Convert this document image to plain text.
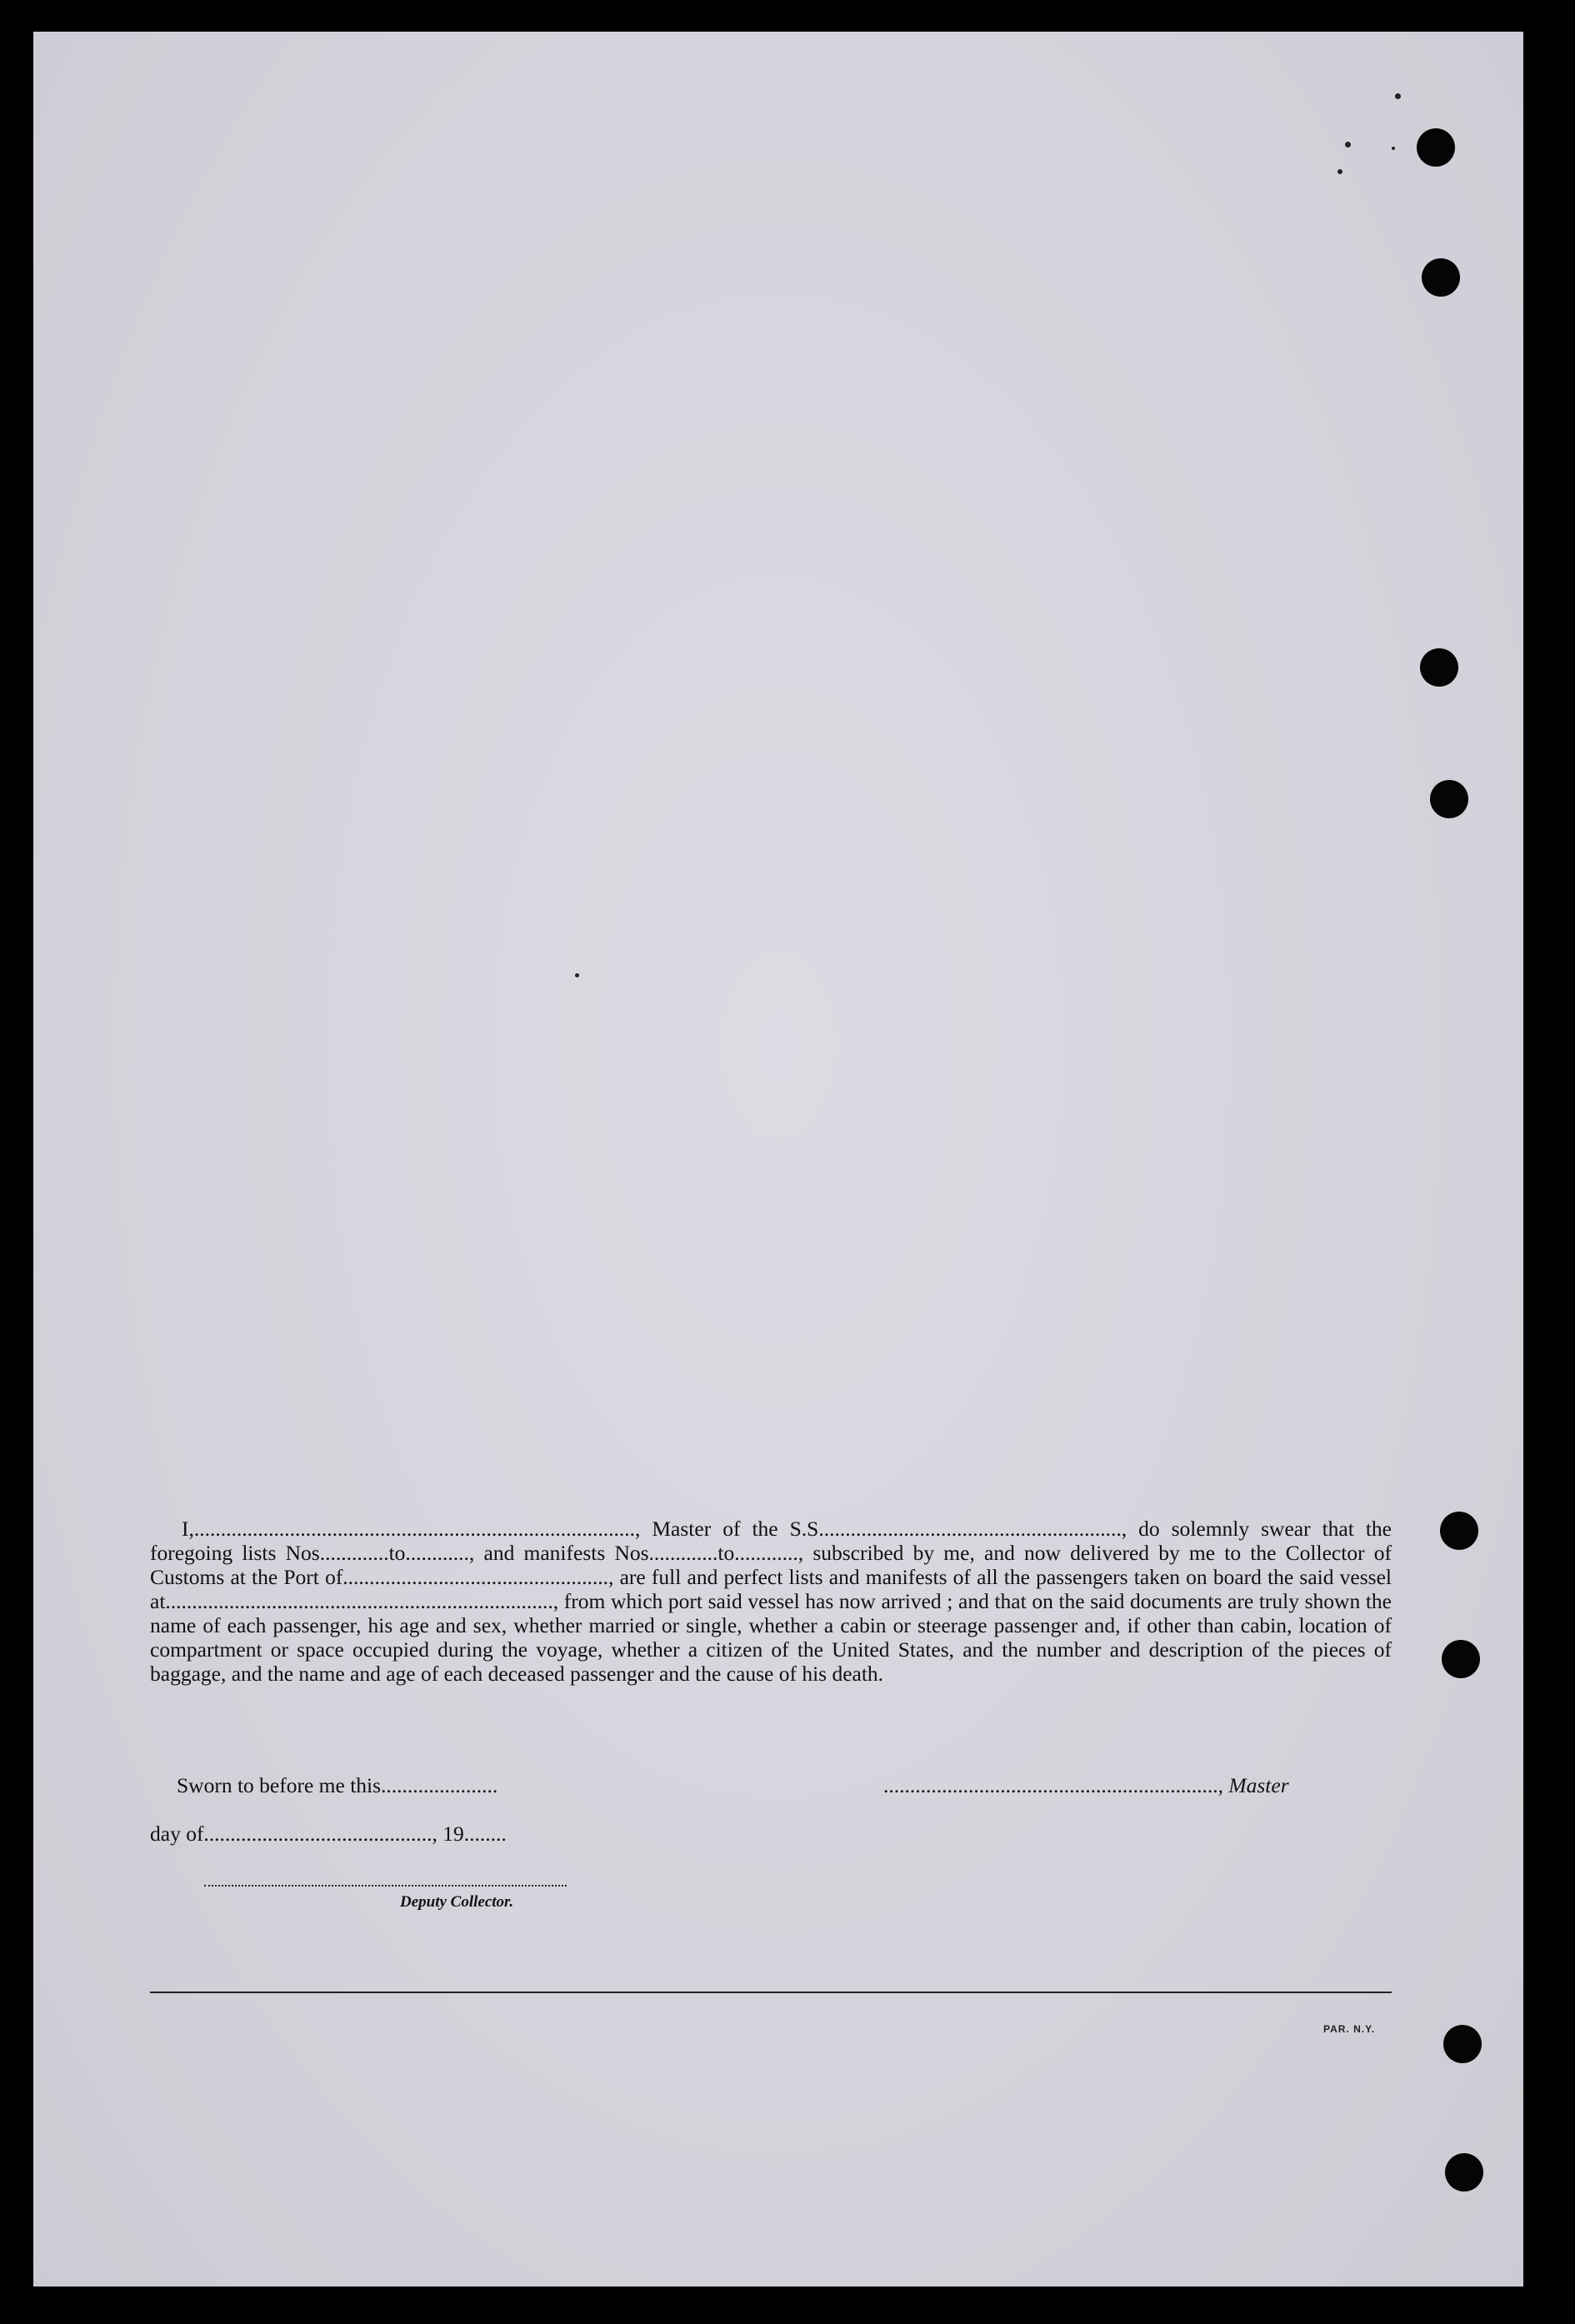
I,..................................................................................., Master of the S.S........................................................., do solemnly swear that the foregoing lists Nos.............to............, and manifests Nos.............to............, subscribed by me, and now delivered by me to the Collector of Customs at the Port of.................................................., are full and perfect lists and manifests of all the passengers taken on board the said vessel at........................................................................., from which port said vessel has now arrived ; and that on the said documents are truly shown the name of each passenger, his age and sex, whether married or single, whether a cabin or steerage passenger and, if other than cabin, location of compartment or space occupied during the voyage, whether a citizen of the United States, and the number and description of the pieces of baggage, and the name and age of each deceased passenger and the cause of his death.

Sworn to before me this......................	..............................................................., Master
day of..........................................., 19........
Deputy Collector.
PAR. N.Y.
